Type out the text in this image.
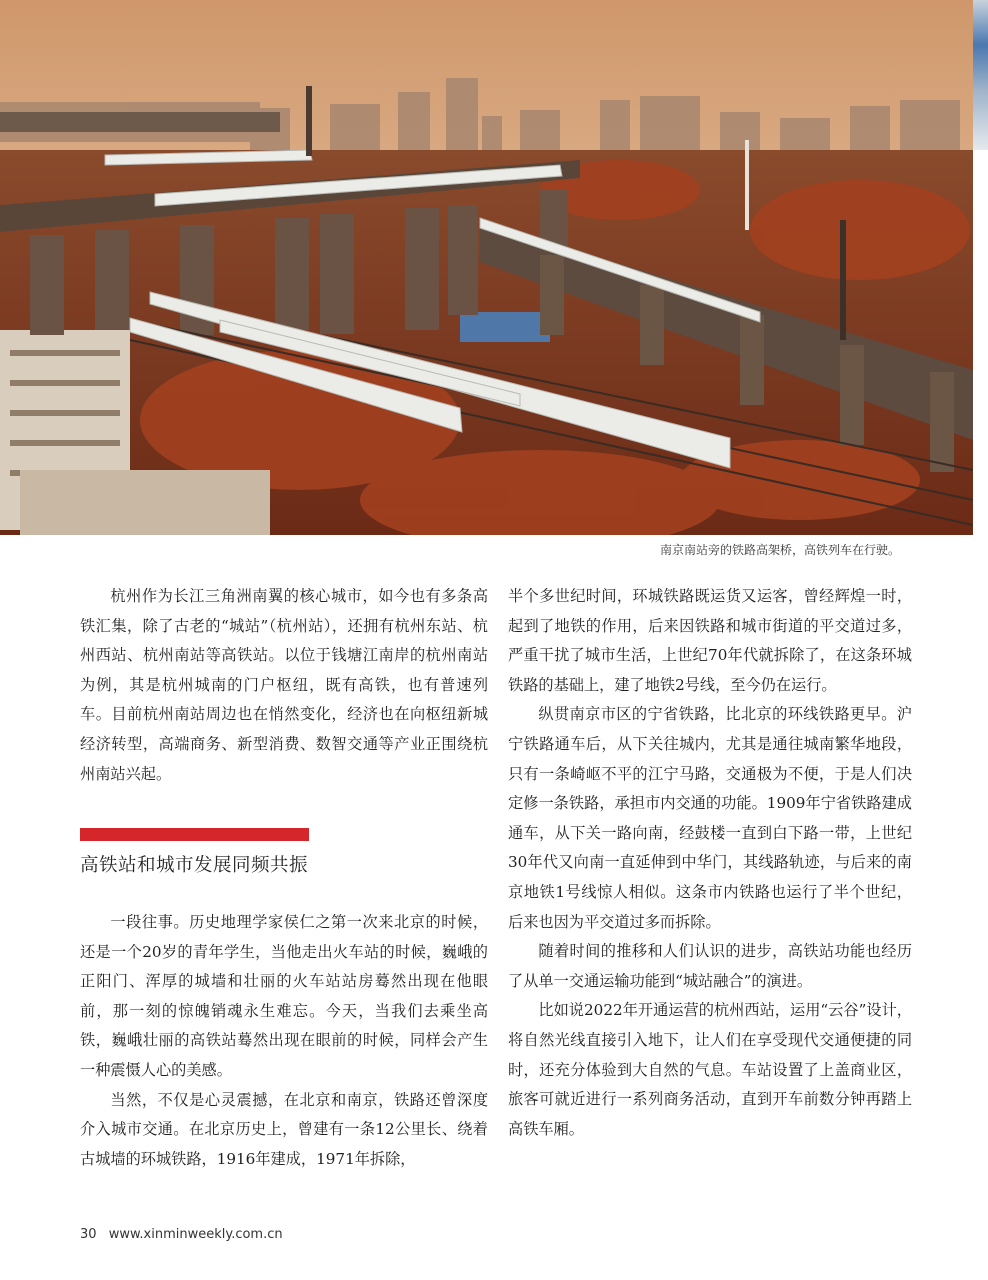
南京南站旁的铁路高架桥，高铁列车在行驶。

杭州作为长江三角洲南翼的核心城市，如今也有多条高铁汇集，除了古老的“城站”（杭州站），还拥有杭州东站、杭州西站、杭州南站等高铁站。以位于钱塘江南岸的杭州南站为例，其是杭州城南的门户枢纽，既有高铁，也有普速列车。目前杭州南站周边也在悄然变化，经济也在向枢纽新城经济转型，高端商务、新型消费、数智交通等产业正围绕杭州南站兴起。

高铁站和城市发展同频共振

一段往事。历史地理学家侯仁之第一次来北京的时候，还是一个20岁的青年学生，当他走出火车站的时候，巍峨的正阳门、浑厚的城墙和壮丽的火车站站房蓦然出现在他眼前，那一刻的惊魄销魂永生难忘。今天，当我们去乘坐高铁，巍峨壮丽的高铁站蓦然出现在眼前的时候，同样会产生一种震慑人心的美感。

当然，不仅是心灵震撼，在北京和南京，铁路还曾深度介入城市交通。在北京历史上，曾建有一条12公里长、绕着古城墙的环城铁路，1916年建成，1971年拆除，

半个多世纪时间，环城铁路既运货又运客，曾经辉煌一时，起到了地铁的作用，后来因铁路和城市街道的平交道过多，严重干扰了城市生活，上世纪70年代就拆除了，在这条环城铁路的基础上，建了地铁2号线，至今仍在运行。

纵贯南京市区的宁省铁路，比北京的环线铁路更早。沪宁铁路通车后，从下关往城内，尤其是通往城南繁华地段，只有一条崎岖不平的江宁马路，交通极为不便，于是人们决定修一条铁路，承担市内交通的功能。1909年宁省铁路建成通车，从下关一路向南，经鼓楼一直到白下路一带，上世纪30年代又向南一直延伸到中华门，其线路轨迹，与后来的南京地铁1号线惊人相似。这条市内铁路也运行了半个世纪，后来也因为平交道过多而拆除。

随着时间的推移和人们认识的进步，高铁站功能也经历了从单一交通运输功能到“城站融合”的演进。

比如说2022年开通运营的杭州西站，运用“云谷”设计，将自然光线直接引入地下，让人们在享受现代交通便捷的同时，还充分体验到大自然的气息。车站设置了上盖商业区，旅客可就近进行一系列商务活动，直到开车前数分钟再踏上高铁车厢。

30 www.xinminweekly.com.cn
